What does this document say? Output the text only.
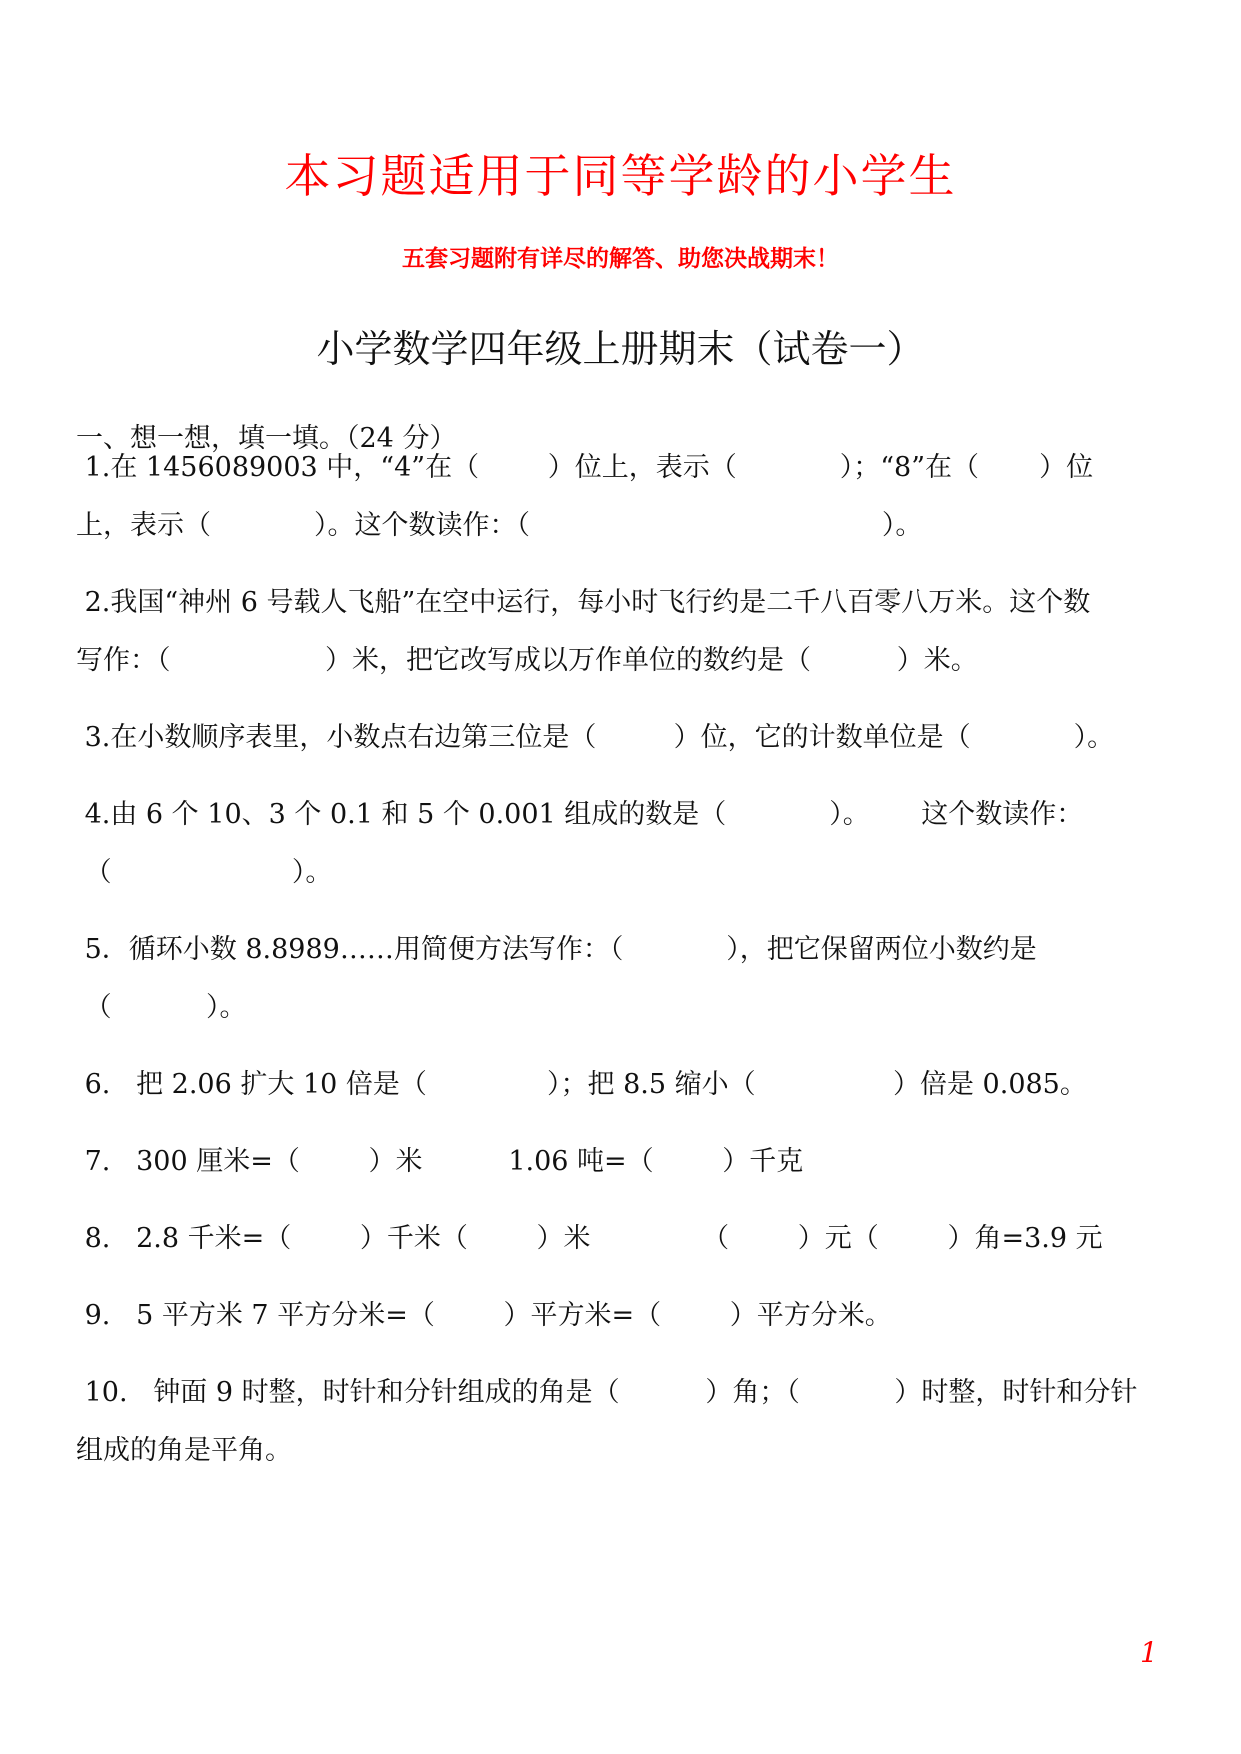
本习题适用于同等学龄的小学生
五套习题附有详尽的解答、助您决战期末！
小学数学四年级上册期末（试卷一）
一、想一想，填一填。（24 分）
1.在 1456089003 中，“4”在（        ）位上，表示（            ）；“8”在（       ）位
上，表示（            ）。这个数读作：（                                         ）。
2.我国“神州 6 号载人飞船”在空中运行，每小时飞行约是二千八百零八万米。这个数
写作：（                  ）米，把它改写成以万作单位的数约是（          ）米。
3.在小数顺序表里，小数点右边第三位是（         ）位，它的计数单位是（            ）。
4.由 6 个 10、3 个 0.1 和 5 个 0.001 组成的数是（            ）。      这个数读作：
（                     ）。
5．循环小数 8.8989……用简便方法写作：（            ），把它保留两位小数约是
（           ）。
6.   把 2.06 扩大 10 倍是（              ）；把 8.5 缩小（                ）倍是 0.085。
7.   300 厘米=（        ）米          1.06 吨=（        ）千克
8.   2.8 千米=（        ）千米（        ）米             （        ）元（        ）角=3.9 元
9.   5 平方米 7 平方分米=（        ）平方米=（        ）平方分米。
10.   钟面 9 时整，时针和分针组成的角是（          ）角；（           ）时整，时针和分针
组成的角是平角。
1
